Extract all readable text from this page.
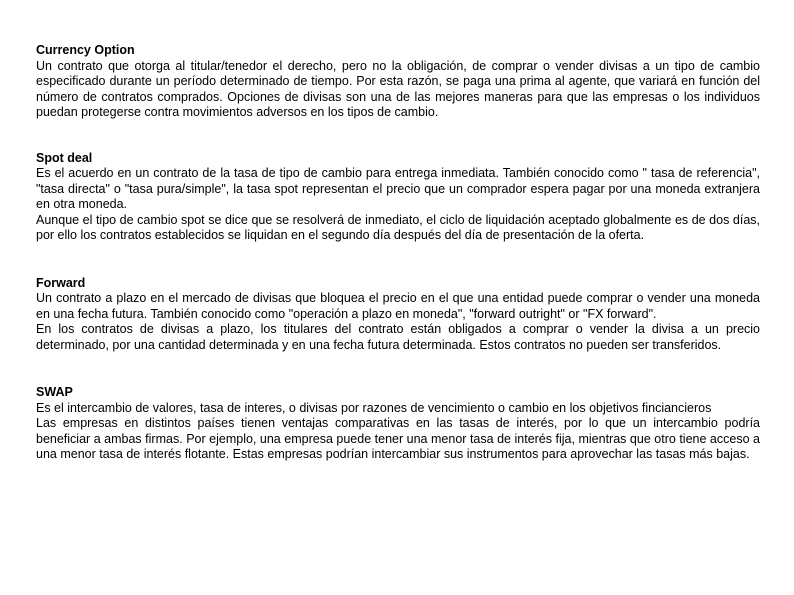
Currency Option

Un contrato que otorga al titular/tenedor el derecho, pero no la obligación, de comprar o vender divisas a un tipo de cambio especificado durante un período determinado de tiempo. Por esta razón, se paga una prima al agente, que variará en función del número de contratos comprados. Opciones de divisas son una de las mejores maneras para que las empresas o los individuos puedan protegerse contra movimientos adversos en los tipos de cambio.

Spot deal

Es el acuerdo en un contrato de la tasa de tipo de cambio para entrega inmediata. También conocido como " tasa de referencia", "tasa directa" o "tasa pura/simple", la tasa spot representan el precio que un comprador espera pagar por una moneda extranjera en otra moneda.

Aunque el tipo de cambio spot se dice que se resolverá de inmediato, el ciclo de liquidación aceptado globalmente es de dos días, por ello los contratos establecidos se liquidan en el segundo día después del día de presentación de la oferta.

Forward

Un contrato a plazo en el mercado de divisas que bloquea el precio en el que una entidad puede comprar o vender una moneda en una fecha futura. También conocido como "operación a plazo en moneda", "forward outright" or "FX forward".

En los contratos de divisas a plazo, los titulares del contrato están obligados a comprar o vender la divisa a un precio determinado, por una cantidad determinada y en una fecha futura determinada. Estos contratos no pueden ser transferidos.

SWAP

Es el intercambio de valores, tasa de interes, o divisas por razones de vencimiento o cambio en los objetivos finciancieros

Las empresas en distintos países tienen ventajas comparativas en las tasas de interés, por lo que un intercambio podría beneficiar a ambas firmas. Por ejemplo, una empresa puede tener una menor tasa de interés fija, mientras que otro tiene acceso a una menor tasa de interés flotante. Estas empresas podrían intercambiar sus instrumentos para aprovechar las tasas más bajas.
